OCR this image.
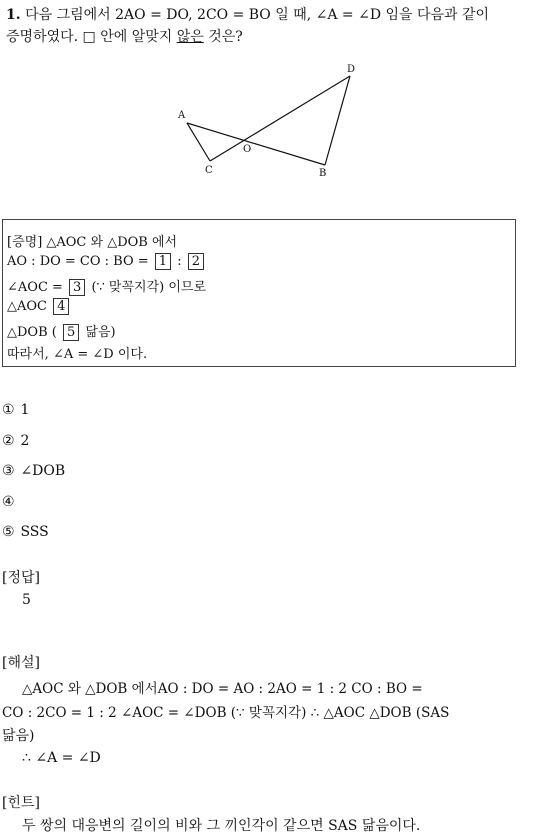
1. 다음 그림에서 2AO = DO, 2CO = BO 일 때, ∠A = ∠D 임을 다음과 같이
증명하였다. □ 안에 알맞지 않은 것은?
A
B
C
D
O
[증명] △AOC 와 △DOB 에서
AO : DO = CO : BO = 1 : 2
∠AOC = 3 (∵ 맞꼭지각) 이므로
△AOC 4
△DOB ( 5 닮음)
따라서, ∠A = ∠D 이다.
① 1
② 2
③ ∠DOB
④
⑤ SSS
[정답]
5
[해설]
△AOC 와 △DOB 에서AO : DO = AO : 2AO = 1 : 2 CO : BO =
CO : 2CO = 1 : 2 ∠AOC = ∠DOB (∵ 맞꼭지각) ∴ △AOC △DOB (SAS
닮음)
∴ ∠A = ∠D
[힌트]
두 쌍의 대응변의 길이의 비와 그 끼인각이 같으면 SAS 닮음이다.
